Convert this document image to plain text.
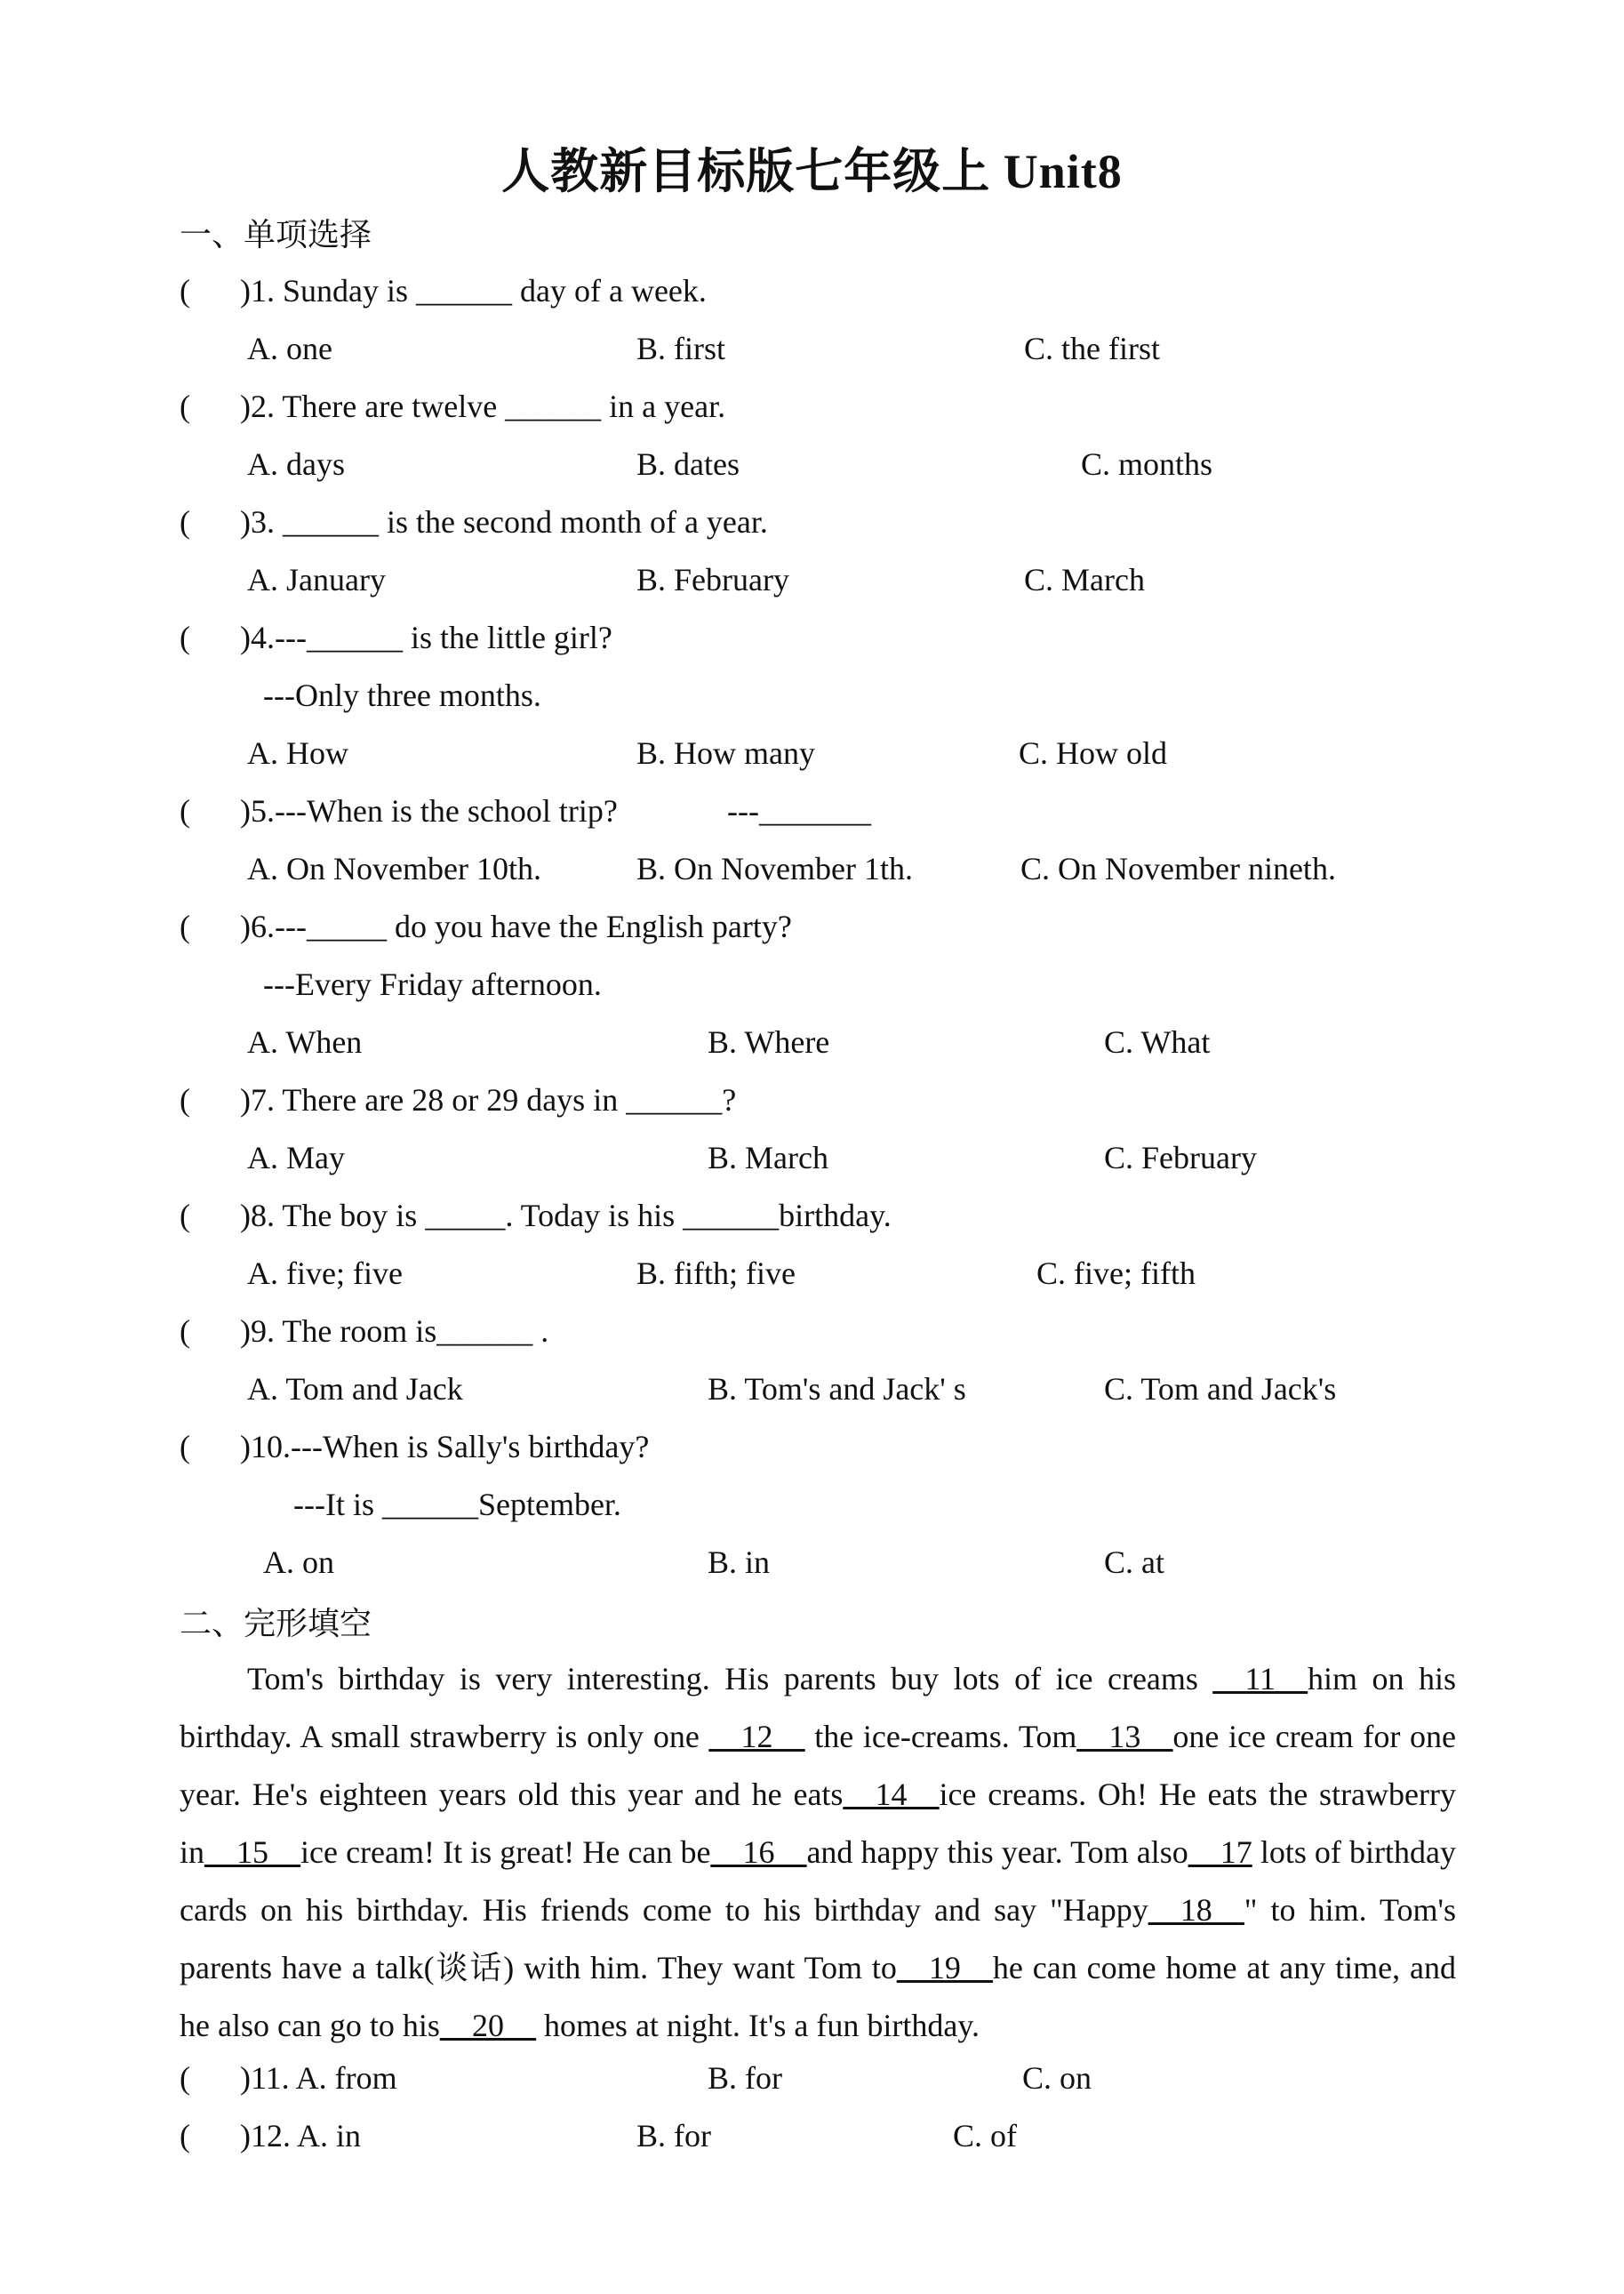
人教新目标版七年级上 Unit8
一、单项选择
( )1. Sunday is ______ day of a week.
A. one	B. first	C. the first
( )2. There are twelve ______ in a year.
A. days	B. dates	C. months
( )3. ______ is the second month of a year.
A. January	B. February	C. March
( )4.---______ is the little girl?
---Only three months.
A. How	B. How many	C. How old
( )5.---When is the school trip?	---_______
A. On November 10th.	B. On November 1th.	C. On November nineth.
( )6.---_____ do you have the English party?
---Every Friday afternoon.
A. When	B. Where	C. What
( )7. There are 28 or 29 days in ______?
A. May	B. March	C. February
( )8. The boy is _____. Today is his ______birthday.
A. five; five	B. fifth; five	C. five; fifth
( )9. The room is______ .
A. Tom and Jack	B. Tom's and Jack' s	C. Tom and Jack's
( )10.---When is Sally's birthday?
---It is ______September.
A. on	B. in	C. at
二、完形填空
Tom's birthday is very interesting. His parents buy lots of ice creams __11__him on his birthday. A small strawberry is only one __12__ the ice-creams. Tom__13__one ice cream for one year. He's eighteen years old this year and he eats__14__ice creams. Oh! He eats the strawberry in__15__ice cream! It is great! He can be__16__and happy this year. Tom also__17 lots of birthday cards on his birthday. His friends come to his birthday and say "Happy__18__" to him. Tom's parents have a talk(谈话) with him. They want Tom to__19__he can come home at any time, and he also can go to his__20__ homes at night. It's a fun birthday.
( )11. A. from	B. for	C. on
( )12. A. in	B. for	C. of
